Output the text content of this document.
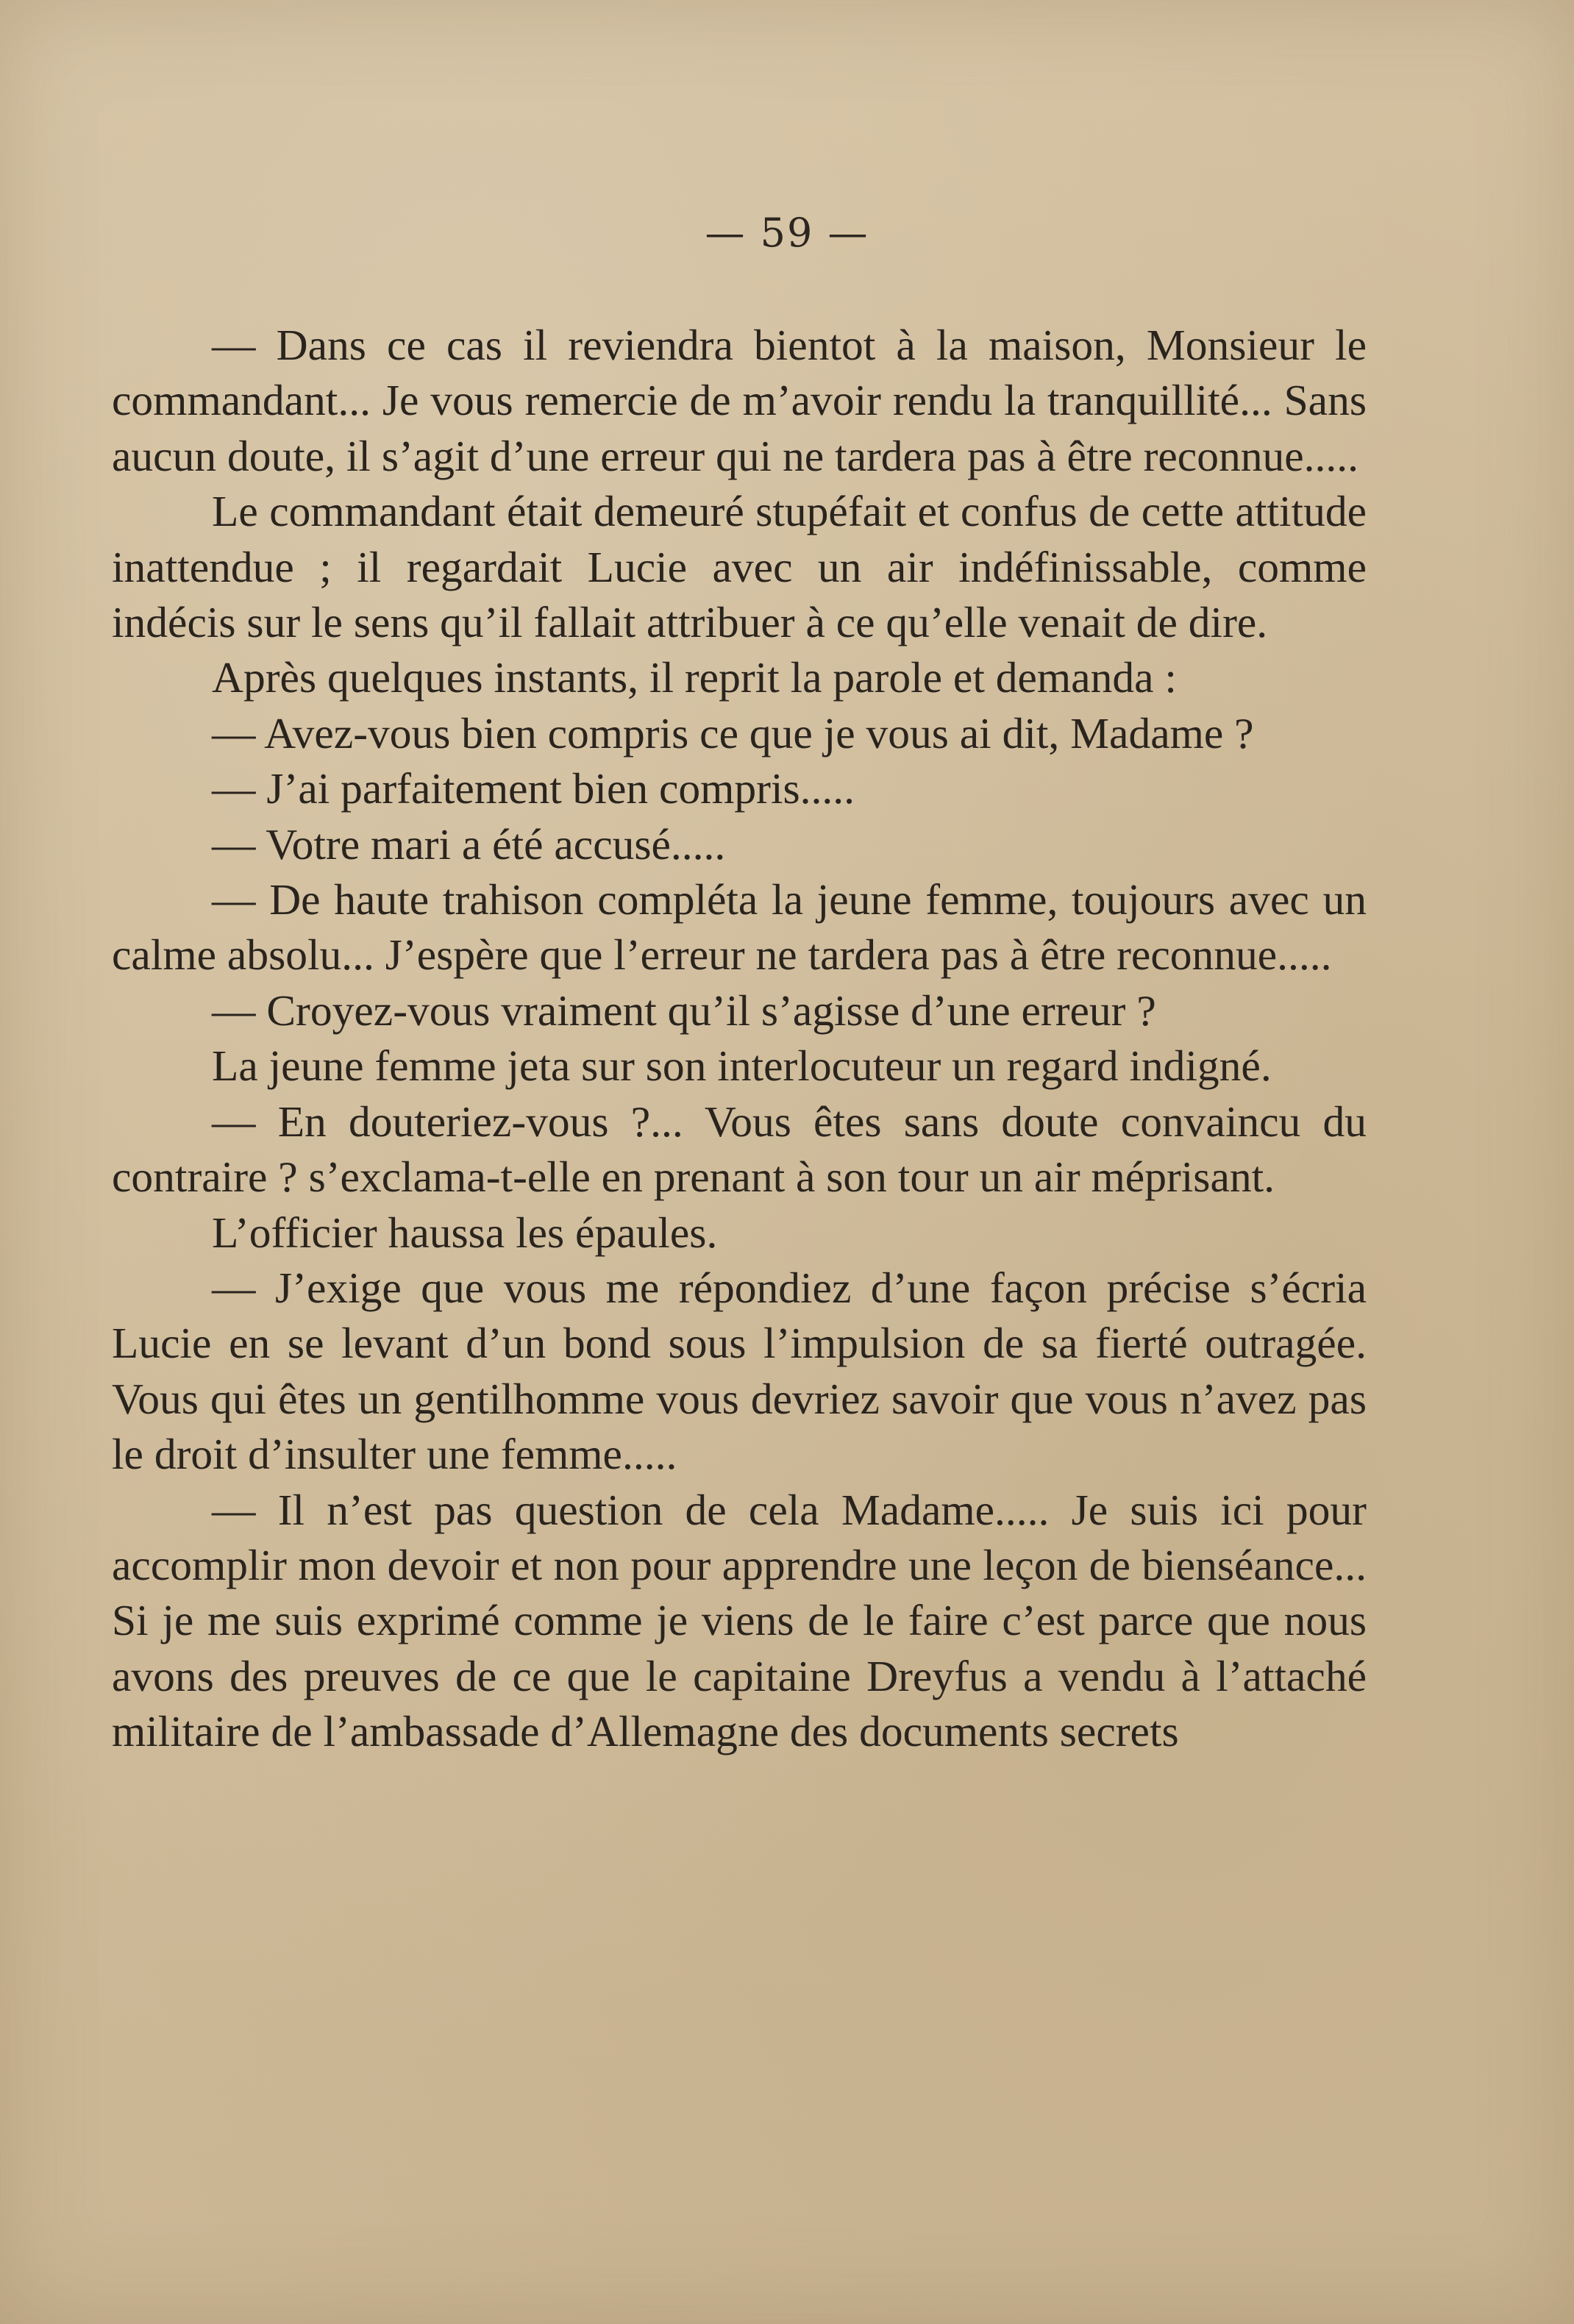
— 59 —

— Dans ce cas il reviendra bientot à la maison, Monsieur le commandant... Je vous remercie de m’avoir rendu la tranquillité... Sans aucun doute, il s’agit d’une erreur qui ne tardera pas à être reconnue.....

Le commandant était demeuré stupéfait et confus de cette attitude inattendue ; il regardait Lucie avec un air indéfinissable, comme indécis sur le sens qu’il fallait attribuer à ce qu’elle venait de dire.

Après quelques instants, il reprit la parole et demanda :

— Avez-vous bien compris ce que je vous ai dit, Madame ?

— J’ai parfaitement bien compris.....

— Votre mari a été accusé.....

— De haute trahison compléta la jeune femme, toujours avec un calme absolu... J’espère que l’erreur ne tardera pas à être reconnue.....

— Croyez-vous vraiment qu’il s’agisse d’une erreur ?

La jeune femme jeta sur son interlocuteur un regard indigné.

— En douteriez-vous ?... Vous êtes sans doute convaincu du contraire ? s’exclama-t-elle en prenant à son tour un air méprisant.

L’officier haussa les épaules.

— J’exige que vous me répondiez d’une façon précise s’écria Lucie en se levant d’un bond sous l’impulsion de sa fierté outragée. Vous qui êtes un gentilhomme vous devriez savoir que vous n’avez pas le droit d’insulter une femme.....

— Il n’est pas question de cela Madame..... Je suis ici pour accomplir mon devoir et non pour apprendre une leçon de bienséance... Si je me suis exprimé comme je viens de le faire c’est parce que nous avons des preuves de ce que le capitaine Dreyfus a vendu à l’attaché militaire de l’ambassade d’Allemagne des documents secrets
